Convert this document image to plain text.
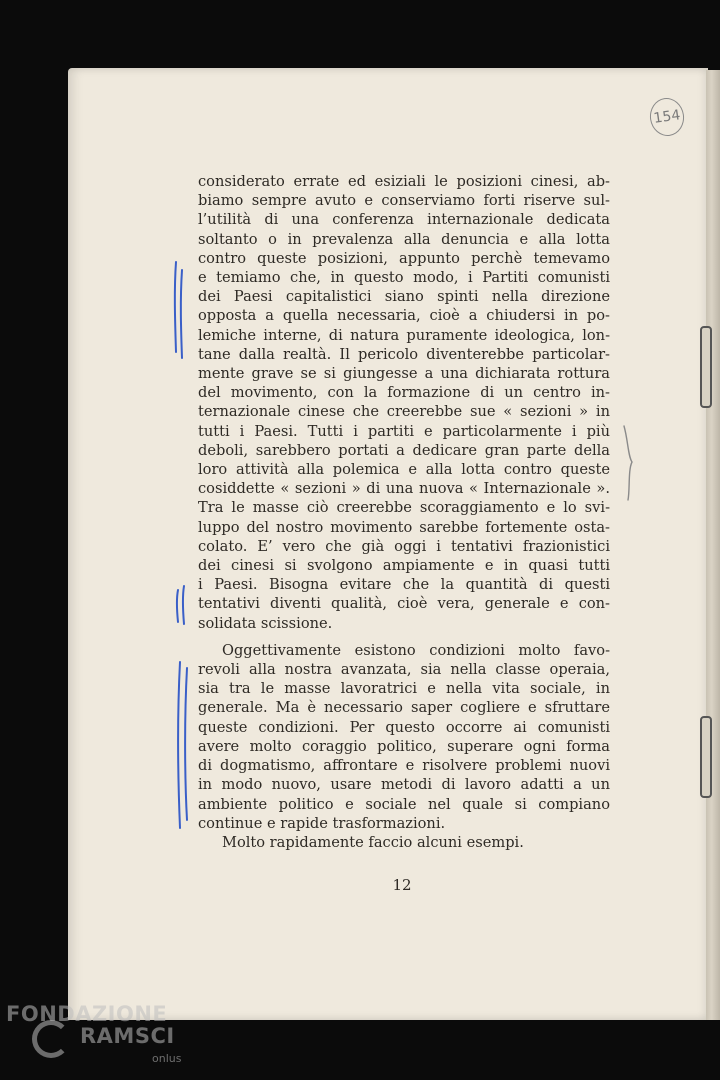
154
considerato errate ed esiziali le posizioni cinesi, ab-
biamo sempre avuto e conserviamo forti riserve sul-
l’utilità di una conferenza internazionale dedicata
soltanto o in prevalenza alla denuncia e alla lotta
contro queste posizioni, appunto perchè temevamo
e temiamo che, in questo modo, i Partiti comunisti
dei Paesi capitalistici siano spinti nella direzione
opposta a quella necessaria, cioè a chiudersi in po-
lemiche interne, di natura puramente ideologica, lon-
tane dalla realtà. Il pericolo diventerebbe particolar-
mente grave se si giungesse a una dichiarata rottura
del movimento, con la formazione di un centro in-
ternazionale cinese che creerebbe sue « sezioni » in
tutti i Paesi. Tutti i partiti e particolarmente i più
deboli, sarebbero portati a dedicare gran parte della
loro attività alla polemica e alla lotta contro queste
cosiddette « sezioni » di una nuova « Internazionale ».
Tra le masse ciò creerebbe scoraggiamento e lo svi-
luppo del nostro movimento sarebbe fortemente osta-
colato. E’ vero che già oggi i tentativi frazionistici
dei cinesi si svolgono ampiamente e in quasi tutti
i Paesi. Bisogna evitare che la quantità di questi
tentativi diventi qualità, cioè vera, generale e con-
solidata scissione.
Oggettivamente esistono condizioni molto favo-
revoli alla nostra avanzata, sia nella classe operaia,
sia tra le masse lavoratrici e nella vita sociale, in
generale. Ma è necessario saper cogliere e sfruttare
queste condizioni. Per questo occorre ai comunisti
avere molto coraggio politico, superare ogni forma
di dogmatismo, affrontare e risolvere problemi nuovi
in modo nuovo, usare metodi di lavoro adatti a un
ambiente politico e sociale nel quale si compiano
continue e rapide trasformazioni.
Molto rapidamente faccio alcuni esempi.
12
FONDAZIONE
RAMSCI
onlus
